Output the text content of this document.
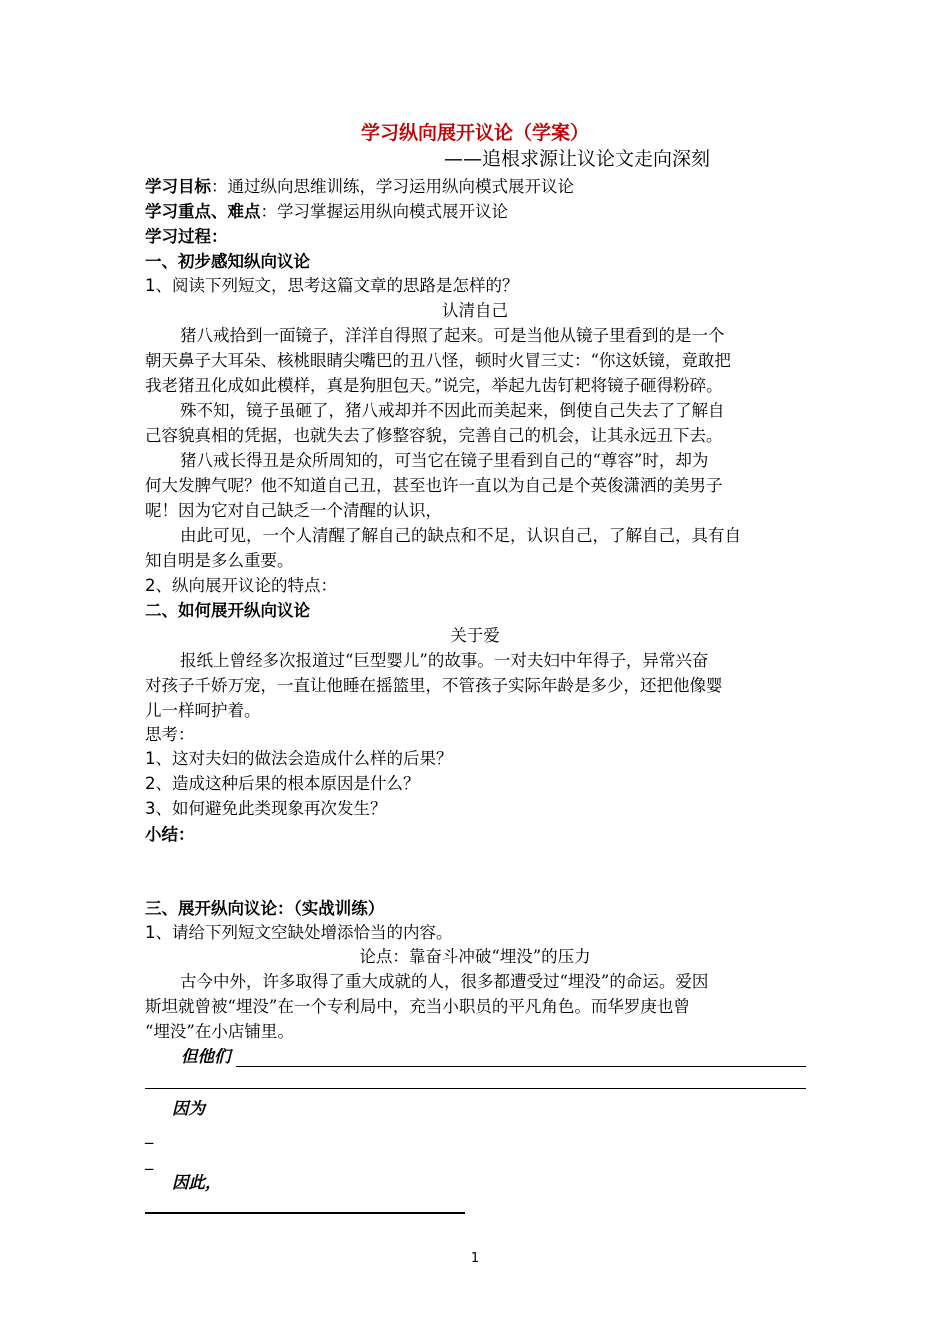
学习纵向展开议论（学案）
——追根求源让议论文走向深刻
学习目标：通过纵向思维训练，学习运用纵向模式展开议论
学习重点、难点：学习掌握运用纵向模式展开议论
学习过程：
一、初步感知纵向议论
1、阅读下列短文，思考这篇文章的思路是怎样的？
认清自己
猪八戒拾到一面镜子，洋洋自得照了起来。可是当他从镜子里看到的是一个
朝天鼻子大耳朵、核桃眼睛尖嘴巴的丑八怪，顿时火冒三丈：“你这妖镜，竟敢把
我老猪丑化成如此模样，真是狗胆包天。”说完，举起九齿钉耙将镜子砸得粉碎。
殊不知，镜子虽砸了，猪八戒却并不因此而美起来，倒使自己失去了了解自
己容貌真相的凭据，也就失去了修整容貌，完善自己的机会，让其永远丑下去。
猪八戒长得丑是众所周知的，可当它在镜子里看到自己的“尊容”时，却为
何大发脾气呢？他不知道自己丑，甚至也许一直以为自己是个英俊潇洒的美男子
呢！因为它对自己缺乏一个清醒的认识，
由此可见，一个人清醒了解自己的缺点和不足，认识自己，了解自己，具有自
知自明是多么重要。
2、纵向展开议论的特点：
二、如何展开纵向议论
关于爱
报纸上曾经多次报道过“巨型婴儿”的故事。一对夫妇中年得子，异常兴奋
对孩子千娇万宠，一直让他睡在摇篮里，不管孩子实际年龄是多少，还把他像婴
儿一样呵护着。
思考：
1、这对夫妇的做法会造成什么样的后果？
2、造成这种后果的根本原因是什么？
3、如何避免此类现象再次发生？
小结：
三、展开纵向议论：（实战训练）
1、请给下列短文空缺处增添恰当的内容。
论点：靠奋斗冲破“埋没”的压力
古今中外，许多取得了重大成就的人，很多都遭受过“埋没”的命运。爱因
斯坦就曾被“埋没”在一个专利局中，充当小职员的平凡角色。而华罗庚也曾
“埋没”在小店铺里。
但他们
因为
_
_
因此，
1
